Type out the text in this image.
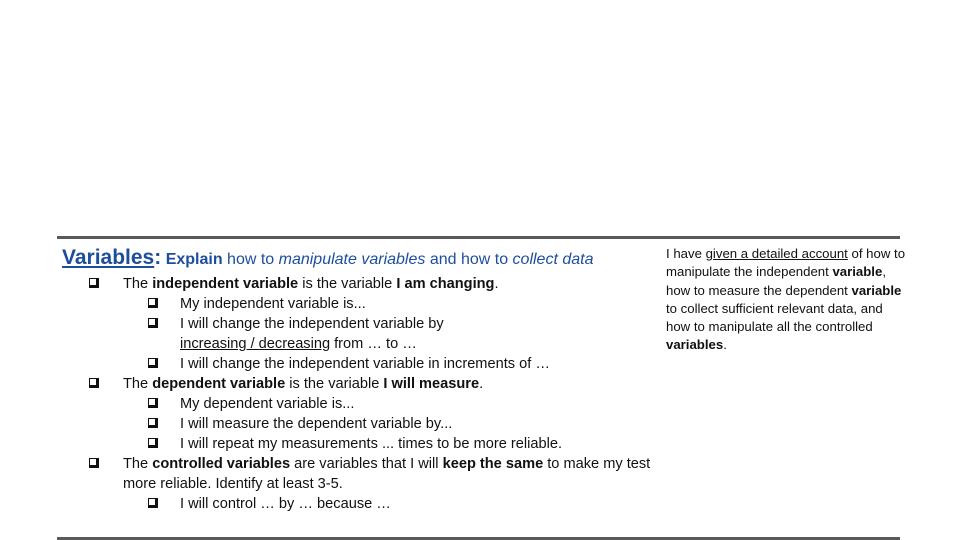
Variables: Explain how to manipulate variables and how to collect data
The independent variable is the variable I am changing.
My independent variable is...
I will change the independent variable by
increasing / decreasing from … to …
I will change the independent variable in increments of …
The dependent variable is the variable I will measure.
My dependent variable is...
I will measure the dependent variable by...
I will repeat my measurements ... times to be more reliable.
The controlled variables are variables that I will keep the same to make my test more reliable. Identify at least 3-5.
I will control … by … because …
I have given a detailed account of how to manipulate the independent variable, how to measure the dependent variable to collect sufficient relevant data, and how to manipulate all the controlled variables.
